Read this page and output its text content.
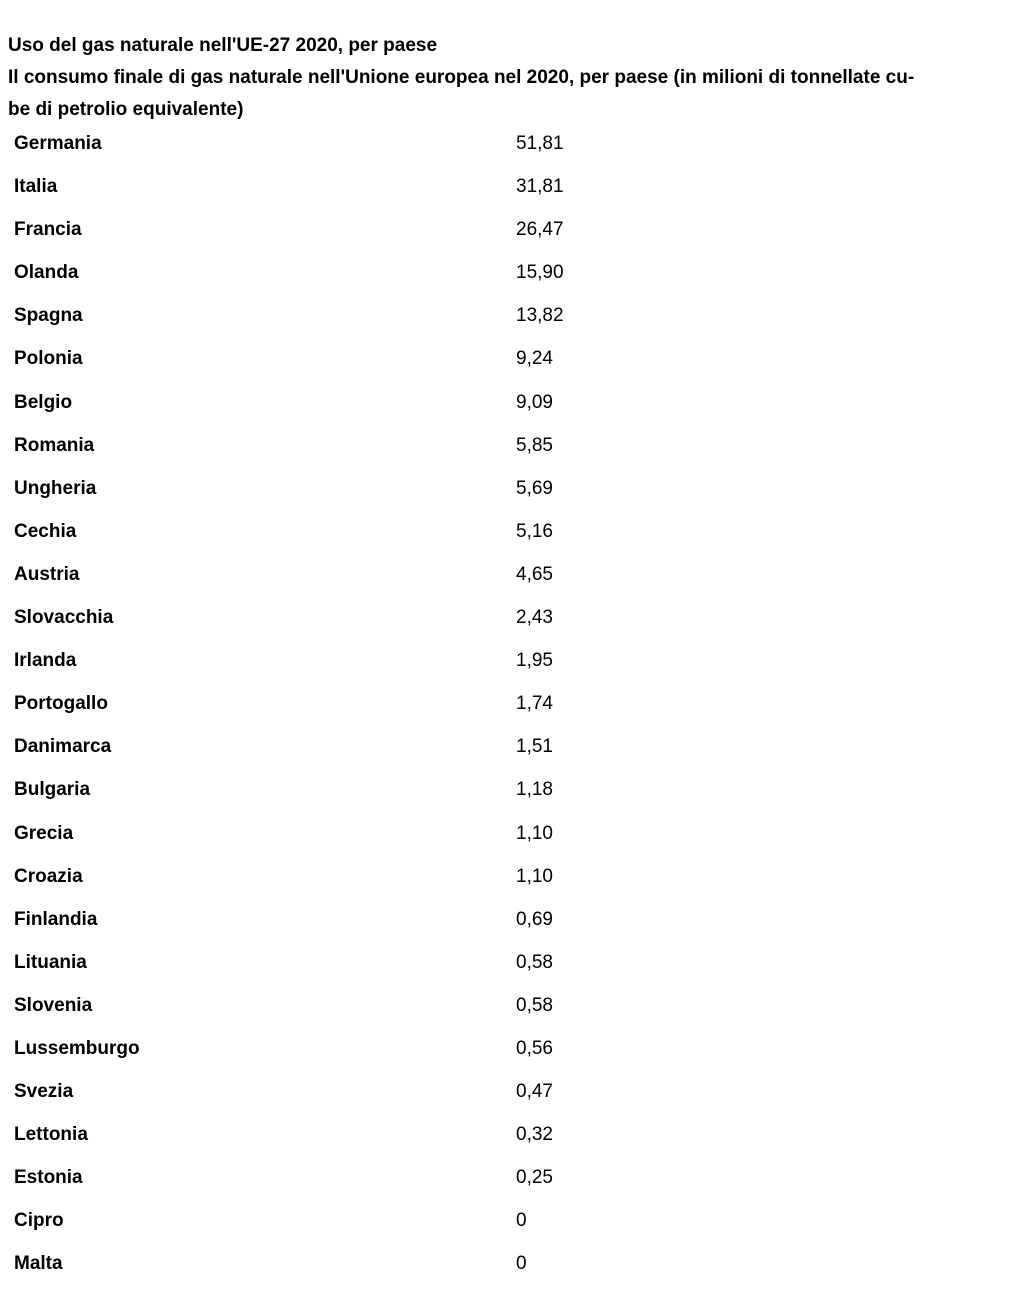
Uso del gas naturale nell'UE-27 2020, per paese
Il consumo finale di gas naturale nell'Unione europea nel 2020, per paese (in milioni di tonnellate cu-
be di petrolio equivalente)
Germania	51,81
Italia	31,81
Francia	26,47
Olanda	15,90
Spagna	13,82
Polonia	9,24
Belgio	9,09
Romania	5,85
Ungheria	5,69
Cechia	5,16
Austria	4,65
Slovacchia	2,43
Irlanda	1,95
Portogallo	1,74
Danimarca	1,51
Bulgaria	1,18
Grecia	1,10
Croazia	1,10
Finlandia	0,69
Lituania	0,58
Slovenia	0,58
Lussemburgo	0,56
Svezia	0,47
Lettonia	0,32
Estonia	0,25
Cipro	0
Malta	0
